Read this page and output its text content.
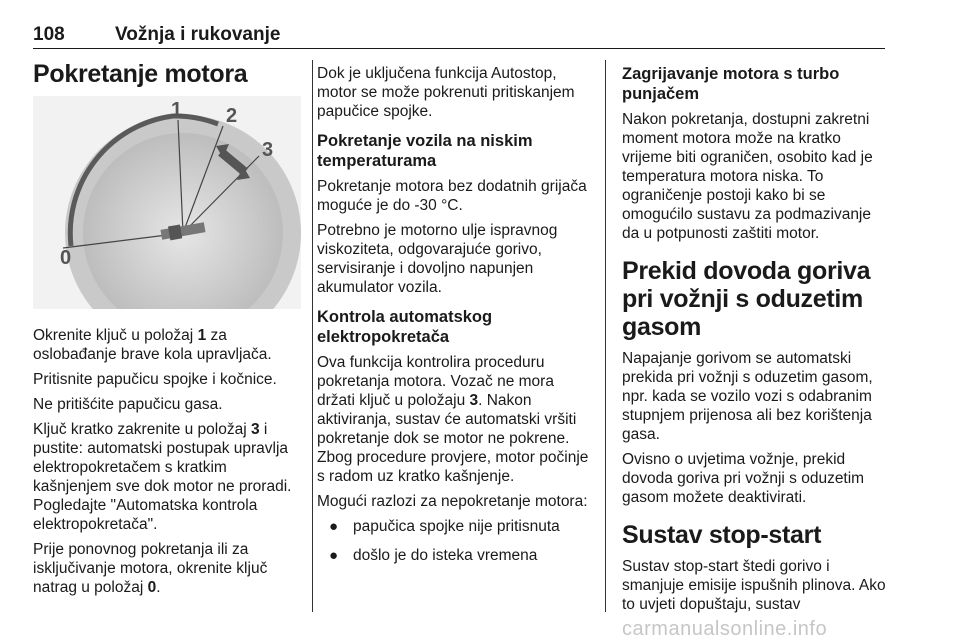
108	Vožnja i rukovanje
Pokretanje motora
0
1 2
3

Okrenite ključ u položaj 1 za oslobađanje brave kola upravljača.

Pritisnite papučicu spojke i kočnice.

Ne pritišćite papučicu gasa.

Ključ kratko zakrenite u položaj 3 i pustite: automatski postupak upravlja elektropokretačem s kratkim kašnjenjem sve dok motor ne proradi. Pogledajte "Automatska kontrola elektropokretača".

Prije ponovnog pokretanja ili za isključivanje motora, okrenite ključ natrag u položaj 0.

Dok je uključena funkcija Autostop, motor se može pokrenuti pritiskanjem papučice spojke.

Pokretanje vozila na niskim temperaturama

Pokretanje motora bez dodatnih grijača moguće je do -30 °C.

Potrebno je motorno ulje ispravnog viskoziteta, odgovarajuće gorivo, servisiranje i dovoljno napunjen akumulator vozila.

Kontrola automatskog elektropokretača

Ova funkcija kontrolira proceduru pokretanja motora. Vozač ne mora držati ključ u položaju 3. Nakon aktiviranja, sustav će automatski vršiti pokretanje dok se motor ne pokrene. Zbog procedure provjere, motor počinje s radom uz kratko kašnjenje.

Mogući razlozi za nepokretanje motora:

● papučica spojke nije pritisnuta
● došlo je do isteka vremena
Zagrijavanje motora s turbo punjačem

Nakon pokretanja, dostupni zakretni moment motora može na kratko vrijeme biti ograničen, osobito kad je temperatura motora niska. To ograničenje postoji kako bi se omogućilo sustavu za podmazivanje da u potpunosti zaštiti motor.

Prekid dovoda goriva pri vožnji s oduzetim gasom

Napajanje gorivom se automatski prekida pri vožnji s oduzetim gasom, npr. kada se vozilo vozi s odabranim stupnjem prijenosa ali bez korištenja gasa.

Ovisno o uvjetima vožnje, prekid dovoda goriva pri vožnji s oduzetim gasom možete deaktivirati.

Sustav stop-start

Sustav stop-start štedi gorivo i smanjuje emisije ispušnih plinova. Ako to uvjeti dopuštaju, sustav

carmanualsonline.info
